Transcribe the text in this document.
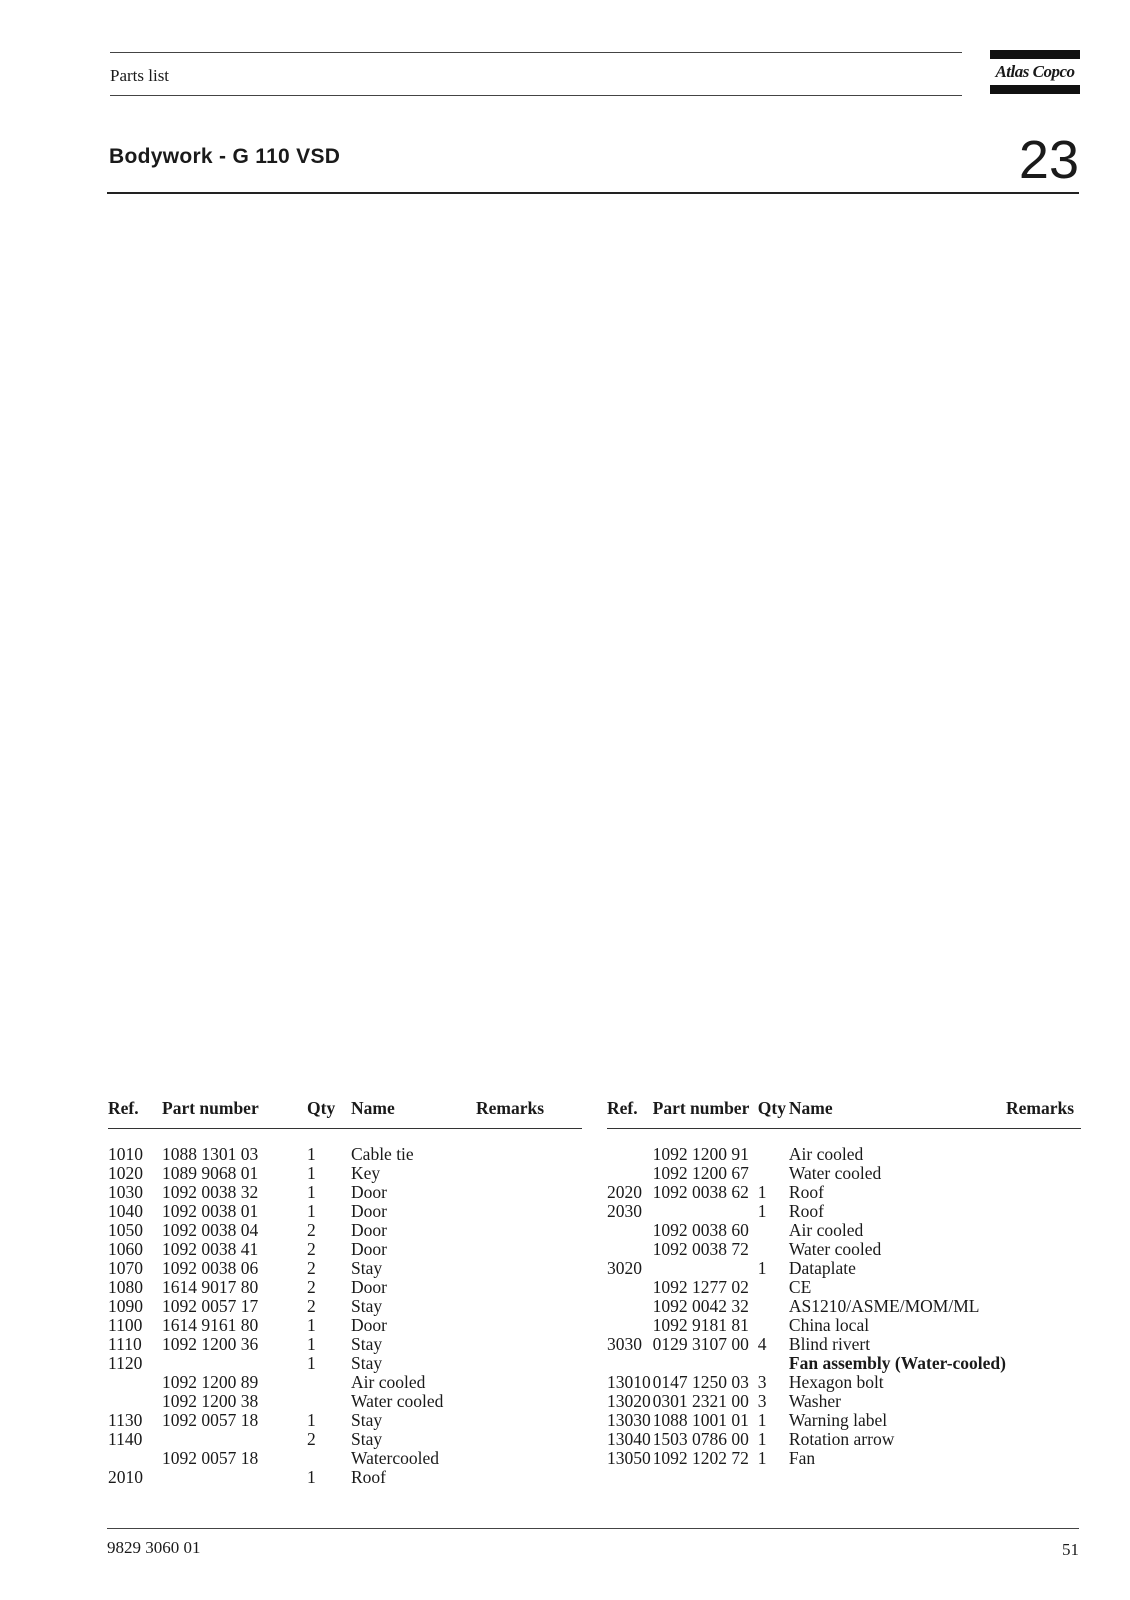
Parts list	Atlas Copco
Bodywork - G 110 VSD	23
Ref.	Part number	Qty	Name	Remarks

1010	1088 1301 03	1	Cable tie	
1020	1089 9068 01	1	Key	
1030	1092 0038 32	1	Door	
1040	1092 0038 01	1	Door	
1050	1092 0038 04	2	Door	
1060	1092 0038 41	2	Door	
1070	1092 0038 06	2	Stay	
1080	1614 9017 80	2	Door	
1090	1092 0057 17	2	Stay	
1100	1614 9161 80	1	Door	
1110	1092 1200 36	1	Stay	
1120		1	Stay	
	1092 1200 89		Air cooled	
	1092 1200 38		Water cooled	
1130	1092 0057 18	1	Stay	
1140		2	Stay	
	1092 0057 18		Watercooled	
2010		1	Roof	
Ref.	Part number	Qty	Name	Remarks

	1092 1200 91		Air cooled	
	1092 1200 67		Water cooled	
2020	1092 0038 62	1	Roof	
2030		1	Roof	
	1092 0038 60		Air cooled	
	1092 0038 72		Water cooled	
3020		1	Dataplate	
	1092 1277 02		CE	
	1092 0042 32		AS1210/ASME/MOM/ML	
	1092 9181 81		China local	
3030	0129 3107 00	4	Blind rivert	
			Fan assembly (Water-cooled)	
13010	0147 1250 03	3	Hexagon bolt	
13020	0301 2321 00	3	Washer	
13030	1088 1001 01	1	Warning label	
13040	1503 0786 00	1	Rotation arrow	
13050	1092 1202 72	1	Fan	
9829 3060 01	51
